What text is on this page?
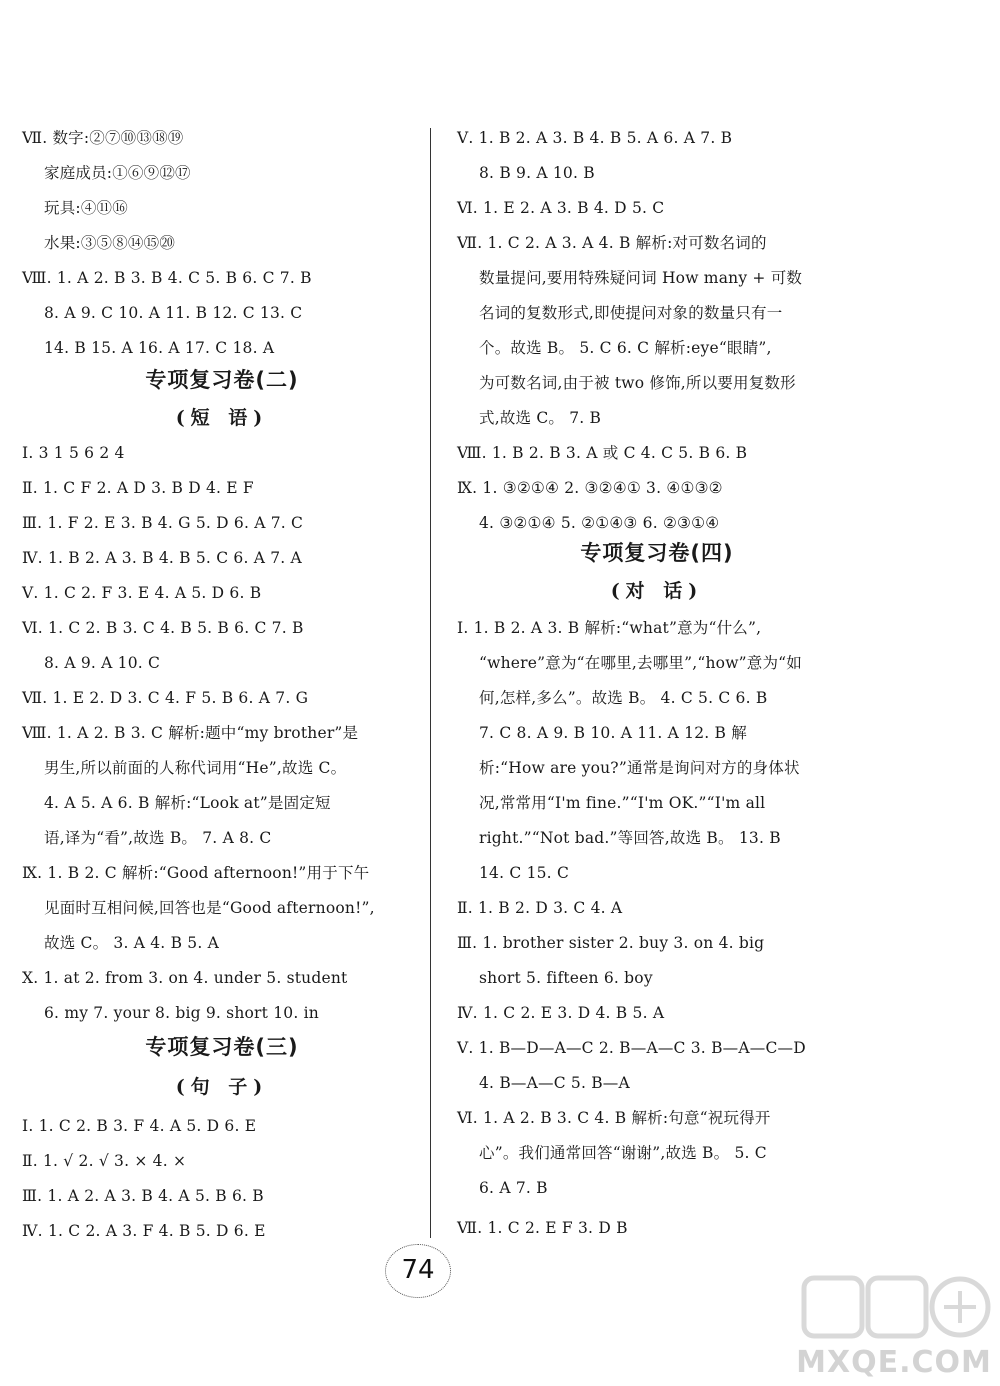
Ⅶ. 数字:②⑦⑩⑬⑱⑲
家庭成员:①⑥⑨⑫⑰
玩具:④⑪⑯
水果:③⑤⑧⑭⑮⑳
Ⅷ. 1. A 2. B 3. B 4. C 5. B 6. C 7. B
8. A 9. C 10. A 11. B 12. C 13. C
14. B 15. A 16. A 17. C 18. A
专项复习卷(二)
(短 语)
Ⅰ. 3 1 5 6 2 4
Ⅱ. 1. C F 2. A D 3. B D 4. E F
Ⅲ. 1. F 2. E 3. B 4. G 5. D 6. A 7. C
Ⅳ. 1. B 2. A 3. B 4. B 5. C 6. A 7. A
Ⅴ. 1. C 2. F 3. E 4. A 5. D 6. B
Ⅵ. 1. C 2. B 3. C 4. B 5. B 6. C 7. B
8. A 9. A 10. C
Ⅶ. 1. E 2. D 3. C 4. F 5. B 6. A 7. G
Ⅷ. 1. A 2. B 3. C 解析:题中“my brother”是
男生,所以前面的人称代词用“He”,故选 C。
4. A 5. A 6. B 解析:“Look at”是固定短
语,译为“看”,故选 B。 7. A 8. C
Ⅸ. 1. B 2. C 解析:“Good afternoon!”用于下午
见面时互相问候,回答也是“Good afternoon!”,
故选 C。 3. A 4. B 5. A
Ⅹ. 1. at 2. from 3. on 4. under 5. student
6. my 7. your 8. big 9. short 10. in
专项复习卷(三)
(句 子)
Ⅰ. 1. C 2. B 3. F 4. A 5. D 6. E
Ⅱ. 1. √ 2. √ 3. × 4. ×
Ⅲ. 1. A 2. A 3. B 4. A 5. B 6. B
Ⅳ. 1. C 2. A 3. F 4. B 5. D 6. E
Ⅴ. 1. B 2. A 3. B 4. B 5. A 6. A 7. B
8. B 9. A 10. B
Ⅵ. 1. E 2. A 3. B 4. D 5. C
Ⅶ. 1. C 2. A 3. A 4. B 解析:对可数名词的
数量提问,要用特殊疑问词 How many + 可数
名词的复数形式,即使提问对象的数量只有一
个。故选 B。 5. C 6. C 解析:eye“眼睛”,
为可数名词,由于被 two 修饰,所以要用复数形
式,故选 C。 7. B
Ⅷ. 1. B 2. B 3. A 或 C 4. C 5. B 6. B
Ⅸ. 1. ③②①④ 2. ③②④① 3. ④①③②
4. ③②①④ 5. ②①④③ 6. ②③①④
专项复习卷(四)
(对 话)
Ⅰ. 1. B 2. A 3. B 解析:“what”意为“什么”,
“where”意为“在哪里,去哪里”,“how”意为“如
何,怎样,多么”。故选 B。 4. C 5. C 6. B
7. C 8. A 9. B 10. A 11. A 12. B 解
析:“How are you?”通常是询问对方的身体状
况,常常用“I'm fine.”“I'm OK.”“I'm all
right.”“Not bad.”等回答,故选 B。 13. B
14. C 15. C
Ⅱ. 1. B 2. D 3. C 4. A
Ⅲ. 1. brother sister 2. buy 3. on 4. big
short 5. fifteen 6. boy
Ⅳ. 1. C 2. E 3. D 4. B 5. A
Ⅴ. 1. B—D—A—C 2. B—A—C 3. B—A—C—D
4. B—A—C 5. B—A
Ⅵ. 1. A 2. B 3. C 4. B 解析:句意“祝玩得开
心”。我们通常回答“谢谢”,故选 B。 5. C
6. A 7. B
Ⅶ. 1. C 2. E F 3. D B
74
MXQE.COM
